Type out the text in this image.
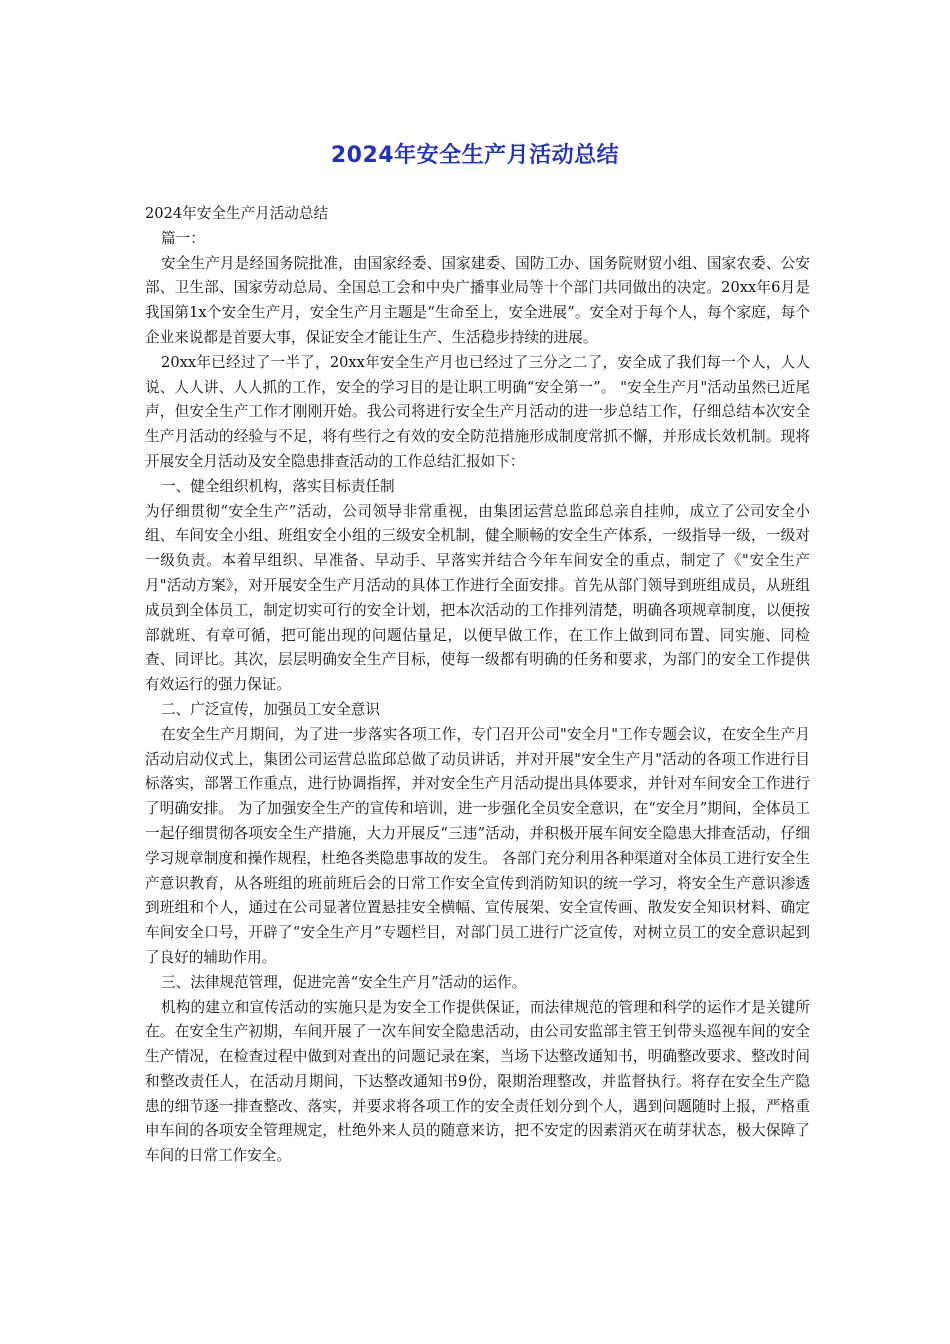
2024年安全生产月活动总结

2024年安全生产月活动总结

篇一：

安全生产月是经国务院批准，由国家经委、国家建委、国防工办、国务院财贸小组、国家农委、公安部、卫生部、国家劳动总局、全国总工会和中央广播事业局等十个部门共同做出的决定。20xx年6月是我国第1x个安全生产月，安全生产月主题是“生命至上，安全进展”。安全对于每个人，每个家庭，每个企业来说都是首要大事，保证安全才能让生产、生活稳步持续的进展。

20xx年已经过了一半了，20xx年安全生产月也已经过了三分之二了，安全成了我们每一个人，人人说、人人讲、人人抓的工作，安全的学习目的是让职工明确“安全第一”。 "安全生产月"活动虽然已近尾声，但安全生产工作才刚刚开始。我公司将进行安全生产月活动的进一步总结工作，仔细总结本次安全生产月活动的经验与不足，将有些行之有效的安全防范措施形成制度常抓不懈，并形成长效机制。现将开展安全月活动及安全隐患排查活动的工作总结汇报如下：

一、健全组织机构，落实目标责任制

为仔细贯彻“安全生产”活动，公司领导非常重视，由集团运营总监邱总亲自挂帅，成立了公司安全小组、车间安全小组、班组安全小组的三级安全机制，健全顺畅的安全生产体系，一级指导一级，一级对一级负责。本着早组织、早准备、早动手、早落实并结合今年车间安全的重点，制定了《"安全生产月"活动方案》，对开展安全生产月活动的具体工作进行全面安排。首先从部门领导到班组成员，从班组成员到全体员工，制定切实可行的安全计划，把本次活动的工作排列清楚，明确各项规章制度，以便按部就班、有章可循，把可能出现的问题估量足，以便早做工作，在工作上做到同布置、同实施、同检查、同评比。其次，层层明确安全生产目标，使每一级都有明确的任务和要求，为部门的安全工作提供有效运行的强力保证。

二、广泛宣传，加强员工安全意识

在安全生产月期间，为了进一步落实各项工作，专门召开公司"安全月"工作专题会议，在安全生产月活动启动仪式上，集团公司运营总监邱总做了动员讲话，并对开展"安全生产月"活动的各项工作进行目标落实，部署工作重点，进行协调指挥，并对安全生产月活动提出具体要求，并针对车间安全工作进行了明确安排。 为了加强安全生产的宣传和培训，进一步强化全员安全意识，在“安全月”期间，全体员工一起仔细贯彻各项安全生产措施，大力开展反“三违”活动，并积极开展车间安全隐患大排查活动，仔细学习规章制度和操作规程，杜绝各类隐患事故的发生。 各部门充分利用各种渠道对全体员工进行安全生产意识教育，从各班组的班前班后会的日常工作安全宣传到消防知识的统一学习，将安全生产意识渗透到班组和个人，通过在公司显著位置悬挂安全横幅、宣传展架、安全宣传画、散发安全知识材料、确定车间安全口号，开辟了“安全生产月”专题栏目，对部门员工进行广泛宣传，对树立员工的安全意识起到了良好的辅助作用。

三、法律规范管理，促进完善“安全生产月”活动的运作。

机构的建立和宣传活动的实施只是为安全工作提供保证，而法律规范的管理和科学的运作才是关键所在。在安全生产初期，车间开展了一次车间安全隐患活动，由公司安监部主管王钊带头巡视车间的安全生产情况，在检查过程中做到对查出的问题记录在案，当场下达整改通知书，明确整改要求、整改时间和整改责任人，在活动月期间，下达整改通知书9份，限期治理整改，并监督执行。将存在安全生产隐患的细节逐一排查整改、落实，并要求将各项工作的安全责任划分到个人，遇到问题随时上报，严格重申车间的各项安全管理规定，杜绝外来人员的随意来访，把不安定的因素消灭在萌芽状态，极大保障了车间的日常工作安全。
